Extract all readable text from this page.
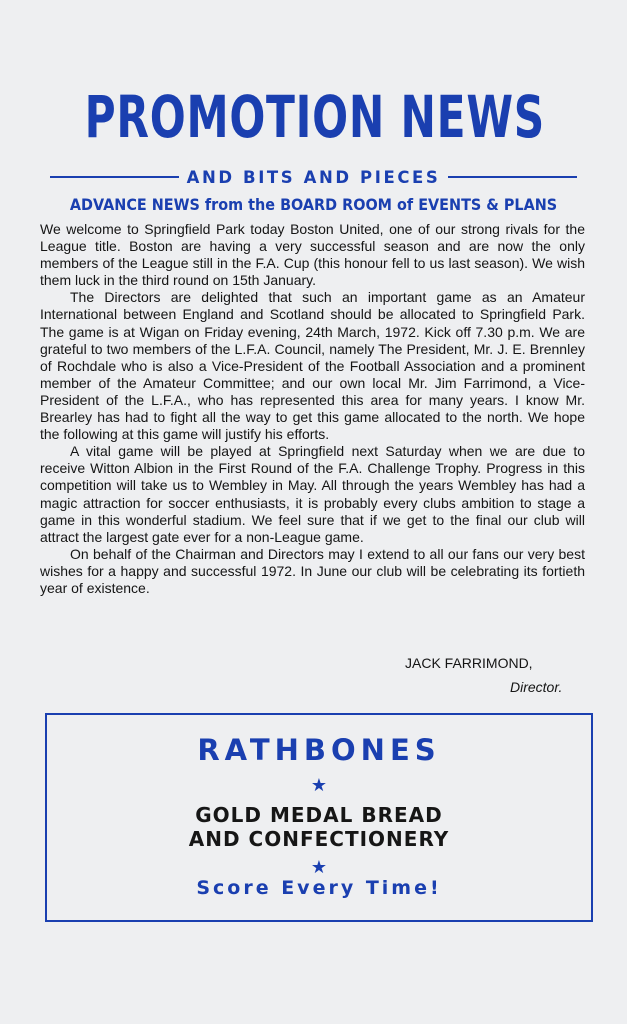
PROMOTION NEWS
AND BITS AND PIECES
ADVANCE NEWS from the BOARD ROOM of EVENTS & PLANS

We welcome to Springfield Park today Boston United, one of our strong rivals for the League title. Boston are having a very successful season and are now the only members of the League still in the F.A. Cup (this honour fell to us last season). We wish them luck in the third round on 15th January.

The Directors are delighted that such an important game as an Amateur International between England and Scotland should be allocated to Springfield Park. The game is at Wigan on Friday evening, 24th March, 1972. Kick off 7.30 p.m. We are grateful to two members of the L.F.A. Council, namely The President, Mr. J. E. Brennley of Rochdale who is also a Vice-President of the Football Association and a prominent member of the Amateur Committee; and our own local Mr. Jim Farrimond, a Vice-President of the L.F.A., who has represented this area for many years. I know Mr. Brearley has had to fight all the way to get this game allocated to the north. We hope the following at this game will justify his efforts.

A vital game will be played at Springfield next Saturday when we are due to receive Witton Albion in the First Round of the F.A. Challenge Trophy. Progress in this competition will take us to Wembley in May. All through the years Wembley has had a magic attraction for soccer enthusiasts, it is probably every clubs ambition to stage a game in this wonderful stadium. We feel sure that if we get to the final our club will attract the largest gate ever for a non-League game.

On behalf of the Chairman and Directors may I extend to all our fans our very best wishes for a happy and successful 1972. In June our club will be celebrating its fortieth year of existence.

JACK FARRIMOND,
Director.
RATHBONES
★
GOLD MEDAL BREAD
AND CONFECTIONERY
★
Score Every Time!
